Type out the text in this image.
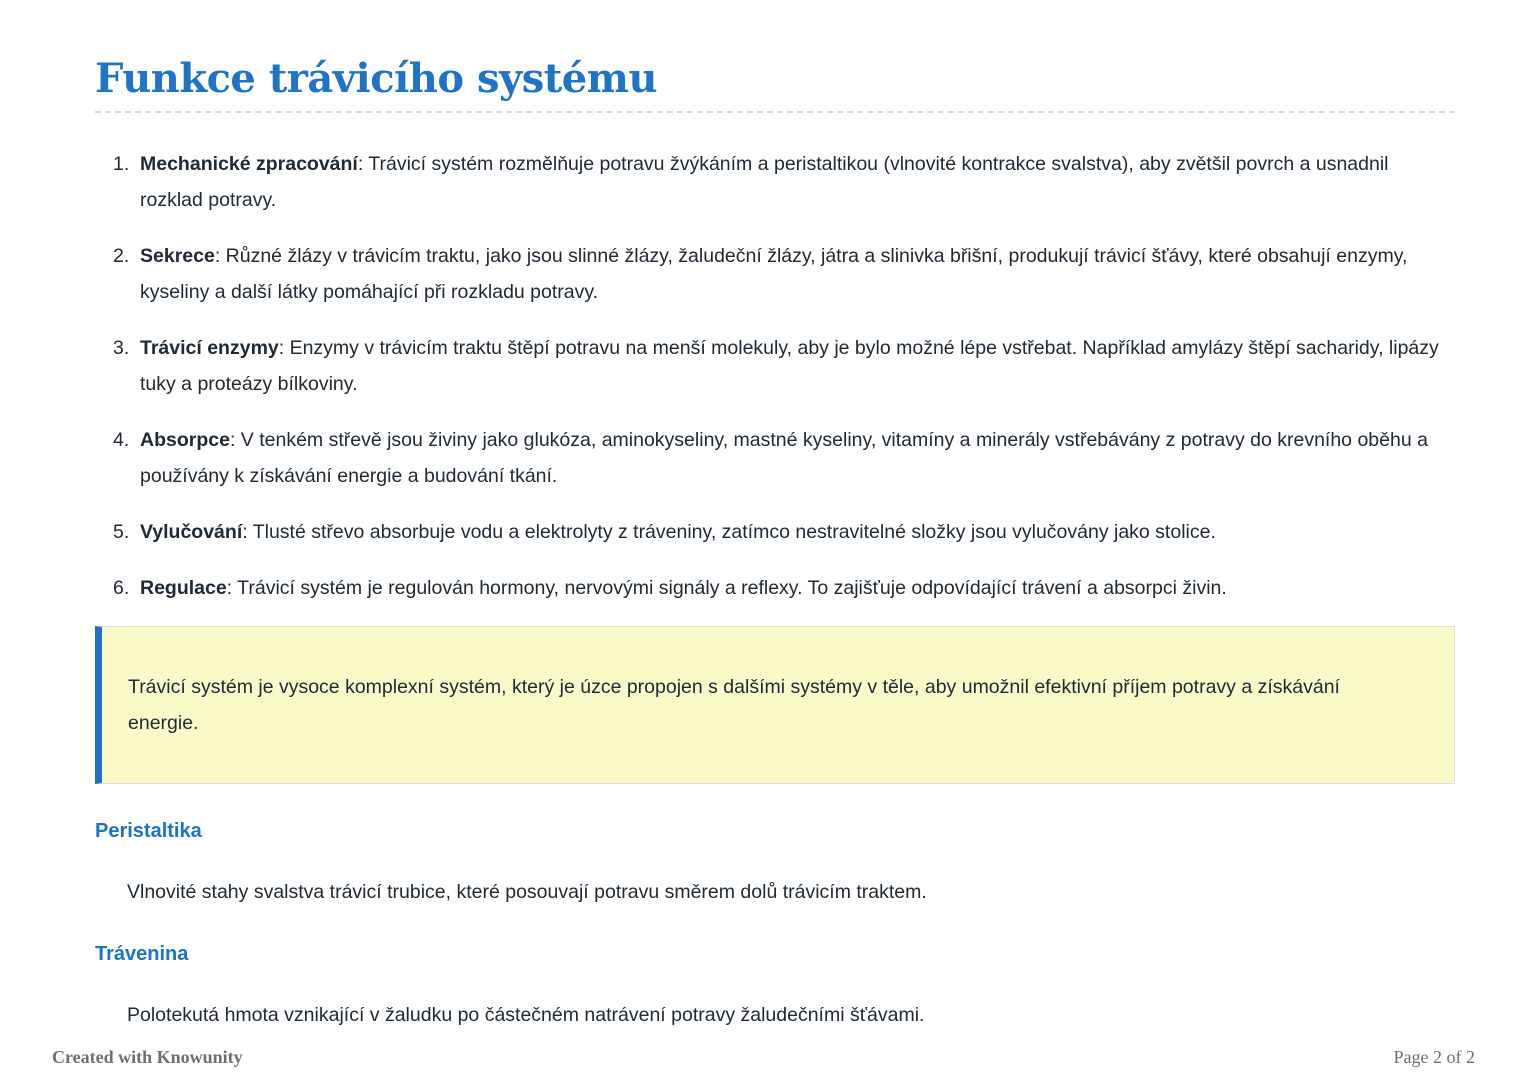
Funkce trávicího systému
1. Mechanické zpracování: Trávicí systém rozmělňuje potravu žvýkáním a peristaltikou (vlnovité kontrakce svalstva), aby zvětšil povrch a usnadnil rozklad potravy.
2. Sekrece: Různé žlázy v trávicím traktu, jako jsou slinné žlázy, žaludeční žlázy, játra a slinivka břišní, produkují trávicí šťávy, které obsahují enzymy, kyseliny a další látky pomáhající při rozkladu potravy.
3. Trávicí enzymy: Enzymy v trávicím traktu štěpí potravu na menší molekuly, aby je bylo možné lépe vstřebat. Například amylázy štěpí sacharidy, lipázy tuky a proteázy bílkoviny.
4. Absorpce: V tenkém střevě jsou živiny jako glukóza, aminokyseliny, mastné kyseliny, vitamíny a minerály vstřebávány z potravy do krevního oběhu a používány k získávání energie a budování tkání.
5. Vylučování: Tlusté střevo absorbuje vodu a elektrolyty z tráveniny, zatímco nestravitelné složky jsou vylučovány jako stolice.
6. Regulace: Trávicí systém je regulován hormony, nervovými signály a reflexy. To zajišťuje odpovídající trávení a absorpci živin.
Trávicí systém je vysoce komplexní systém, který je úzce propojen s dalšími systémy v těle, aby umožnil efektivní příjem potravy a získávání energie.
Peristaltika

Vlnovité stahy svalstva trávicí trubice, které posouvají potravu směrem dolů trávicím traktem.

Trávenina

Polotekutá hmota vznikající v žaludku po částečném natrávení potravy žaludečními šťávami.

Created with Knowunity	Page 2 of 2
